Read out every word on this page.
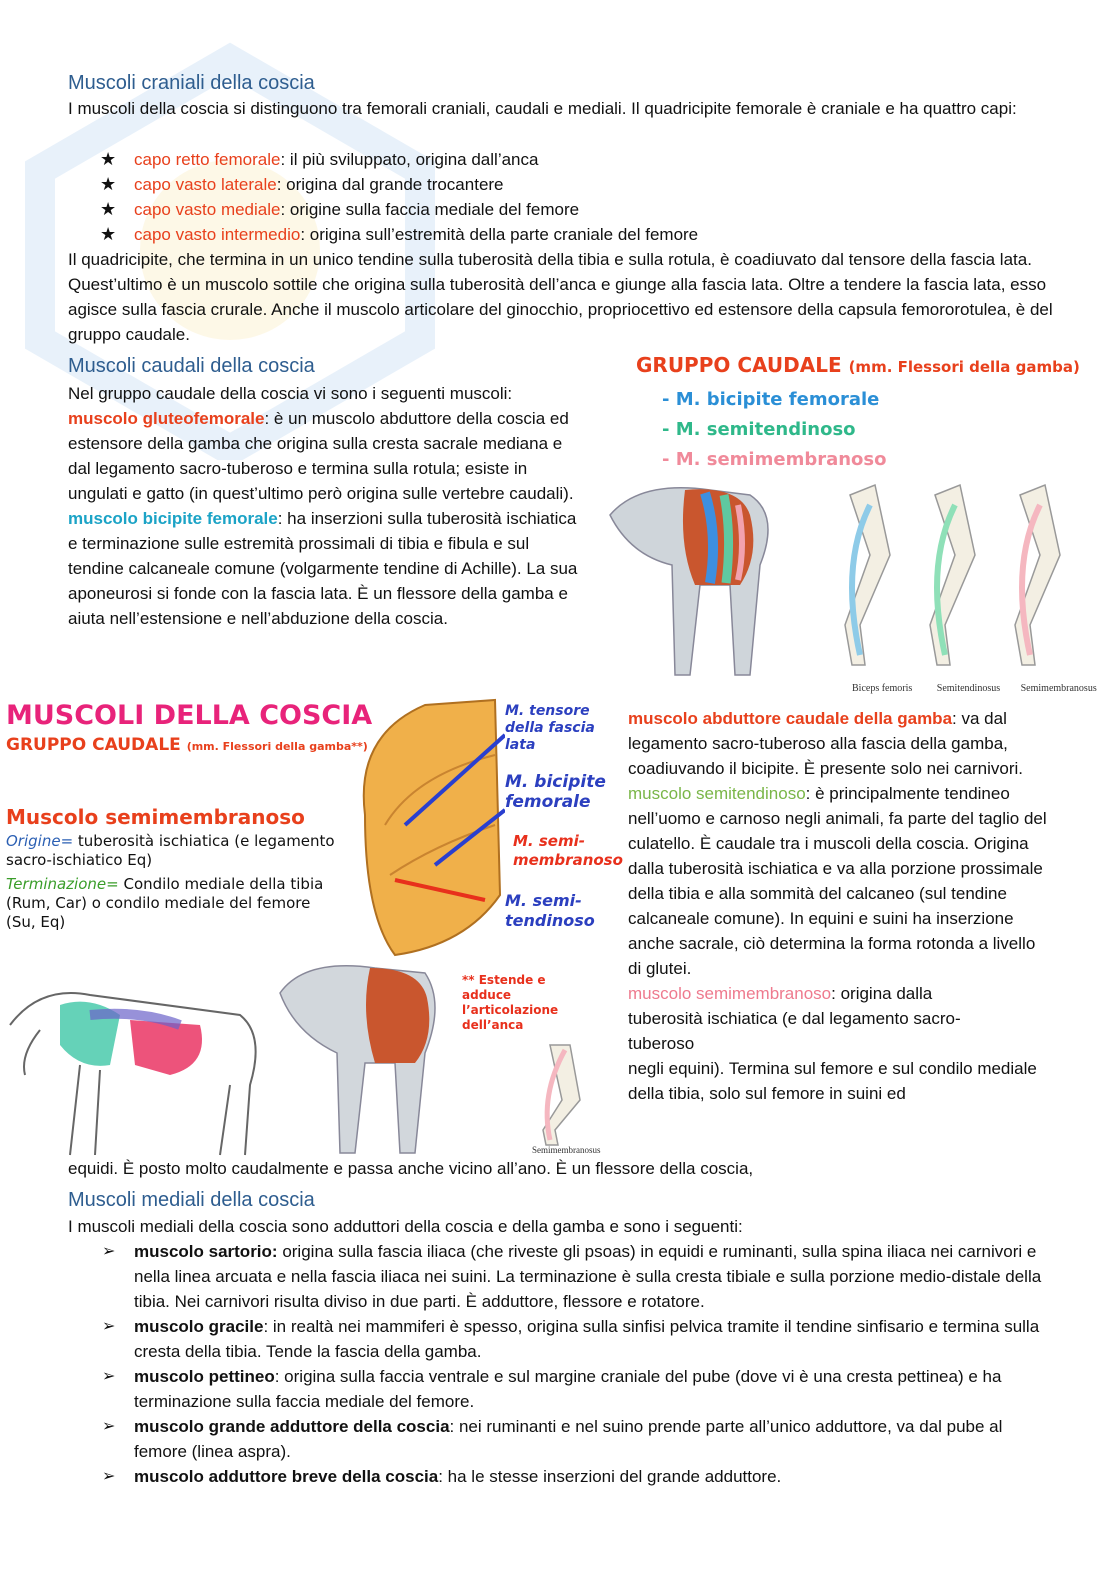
Muscoli craniali della coscia

I muscoli della coscia si distinguono tra femorali craniali, caudali e mediali. Il quadricipite femorale è craniale e ha quattro capi:

★ capo retto femorale: il più sviluppato, origina dall’anca
★ capo vasto laterale: origina dal grande trocantere
★ capo vasto mediale: origine sulla faccia mediale del femore
★ capo vasto intermedio: origina sull’estremità della parte craniale del femore

Il quadricipite, che termina in un unico tendine sulla tuberosità della tibia e sulla rotula, è coadiuvato dal tensore della fascia lata. Quest’ultimo è un muscolo sottile che origina sulla tuberosità dell’anca e giunge alla fascia lata. Oltre a tendere la fascia lata, esso agisce sulla fascia crurale. Anche il muscolo articolare del ginocchio, propriocettivo ed estensore della capsula femororotulea, è del gruppo caudale.

Muscoli caudali della coscia

Nel gruppo caudale della coscia vi sono i seguenti muscoli:

muscolo gluteofemorale: è un muscolo abduttore della coscia ed estensore della gamba che origina sulla cresta sacrale mediana e dal legamento sacro-tuberoso e termina sulla rotula; esiste in ungulati e gatto (in quest’ultimo però origina sulle vertebre caudali).

muscolo bicipite femorale: ha inserzioni sulla tuberosità ischiatica e terminazione sulle estremità prossimali di tibia e fibula e sul tendine calcaneale comune (volgarmente tendine di Achille). La sua aponeurosi si fonde con la fascia lata. È un flessore della gamba e aiuta nell’estensione e nell’abduzione della coscia.

GRUPPO CAUDALE (mm. Flessori della gamba)
- M. bicipite femorale
- M. semitendinoso
- M. semimembranoso
Biceps femoris Semitendinosus Semimembranosus
MUSCOLI DELLA COSCIA
GRUPPO CAUDALE (mm. Flessori della gamba**)
Muscolo semimembranoso
Origine= tuberosità ischiatica (e legamento sacro-ischiatico Eq)
Terminazione= Condilo mediale della tibia (Rum, Car) o condilo mediale del femore (Su, Eq)
M. tensore della fascia lata
M. bicipite femorale
M. semi-membranoso
M. semi-tendinoso
** Estende e adduce l’articolazione dell’anca
Semimembranosus

muscolo abduttore caudale della gamba: va dal legamento sacro-tuberoso alla fascia della gamba, coadiuvando il bicipite. È presente solo nei carnivori.

muscolo semitendinoso: è principalmente tendineo nell’uomo e carnoso negli animali, fa parte del taglio del culatello. È caudale tra i muscoli della coscia. Origina dalla tuberosità ischiatica e va alla porzione prossimale della tibia e alla sommità del calcaneo (sul tendine calcaneale comune). In equini e suini ha inserzione anche sacrale, ciò determina la forma rotonda a livello di glutei.

muscolo semimembranoso: origina dalla tuberosità ischiatica (e dal legamento sacro-tuberoso

negli equini). Termina sul femore e sul condilo mediale della tibia, solo sul femore in suini ed

equidi. È posto molto caudalmente e passa anche vicino all’ano. È un flessore della coscia,

Muscoli mediali della coscia

I muscoli mediali della coscia sono adduttori della coscia e della gamba e sono i seguenti:

➢ muscolo sartorio: origina sulla fascia iliaca (che riveste gli psoas) in equidi e ruminanti, sulla spina iliaca nei carnivori e nella linea arcuata e nella fascia iliaca nei suini. La terminazione è sulla cresta tibiale e sulla porzione medio-distale della tibia. Nei carnivori risulta diviso in due parti. È adduttore, flessore e rotatore.
➢ muscolo gracile: in realtà nei mammiferi è spesso, origina sulla sinfisi pelvica tramite il tendine sinfisario e termina sulla cresta della tibia. Tende la fascia della gamba.
➢ muscolo pettineo: origina sulla faccia ventrale e sul margine craniale del pube (dove vi è una cresta pettinea) e ha terminazione sulla faccia mediale del femore.
➢ muscolo grande adduttore della coscia: nei ruminanti e nel suino prende parte all’unico adduttore, va dal pube al femore (linea aspra).
➢ muscolo adduttore breve della coscia: ha le stesse inserzioni del grande adduttore.
